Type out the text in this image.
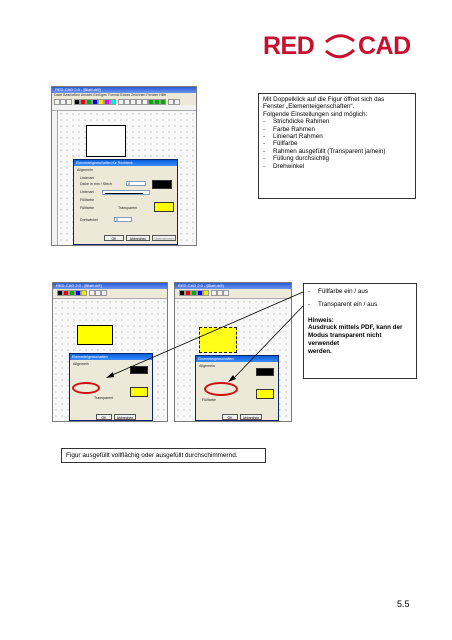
RED CAD
RED-CAD 2.0 - [Blatt.dr5]
Datei Bearbeiten Ansicht Einfügen Format Extras Zeichnen Fenster Hilfe
Elementeigenschaften für Rechteck
Allgemein
Linienart
Dicke in mm / Strich	0
Linienart
Füllfarbe
Füllfarbe	Transparent
Drehwinkel	0
OK	Abbrechen	Übernehmen
Mit Doppelklick auf die Figur öffnet sich das
Fenster „Elementeigenschaften“.
Folgende Einstellungen sind möglich:
- Strichdicke Rahmen
- Farbe Rahmen
- Linienart Rahmen
- Füllfarbe
- Rahmen ausgefüllt (Transparent ja/nein)
- Füllung durchsichtig
- Drehwinkel
RED-CAD 2.0 - [Blatt.dr5]
Elementeigenschaften
Allgemein
Transparent
OK	Abbrechen
RED-CAD 2.0 - [Blatt.dr5]
Elementeigenschaften
Allgemein
Füllfarbe
OK	Abbrechen
- Füllfarbe ein / aus
- Transparent ein / aus
Hinweis:
Ausdruck mittels PDF, kann der
Modus transparent nicht verwendet
werden.
Figur ausgefüllt vollflächig oder ausgefüllt durchschimmernd.
5.5
